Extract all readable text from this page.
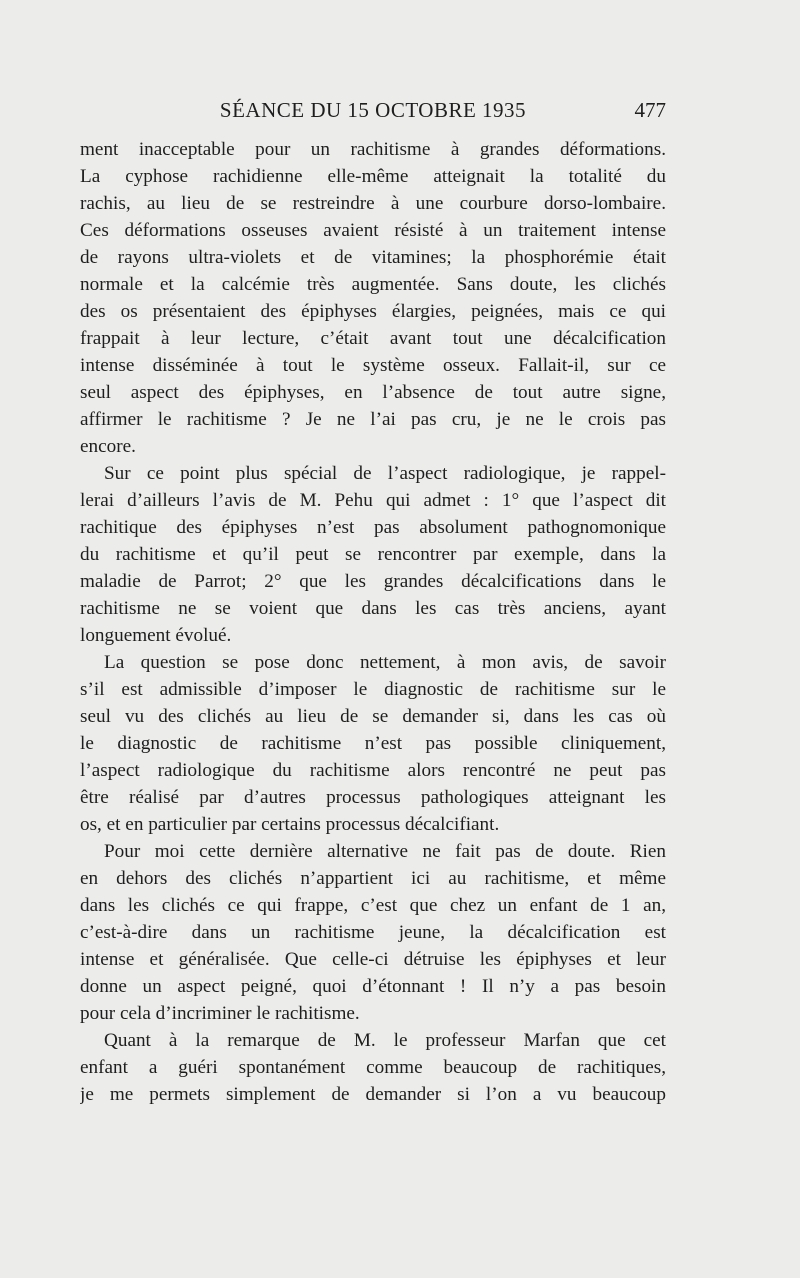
SÉANCE DU 15 OCTOBRE 1935	477
ment inacceptable pour un rachitisme à grandes déformations.
La cyphose rachidienne elle-même atteignait la totalité du
rachis, au lieu de se restreindre à une courbure dorso-lombaire.
Ces déformations osseuses avaient résisté à un traitement intense
de rayons ultra-violets et de vitamines; la phosphorémie était
normale et la calcémie très augmentée. Sans doute, les clichés
des os présentaient des épiphyses élargies, peignées, mais ce qui
frappait à leur lecture, c’était avant tout une décalcification
intense disséminée à tout le système osseux. Fallait-il, sur ce
seul aspect des épiphyses, en l’absence de tout autre signe,
affirmer le rachitisme ? Je ne l’ai pas cru, je ne le crois pas
encore.
Sur ce point plus spécial de l’aspect radiologique, je rappel-
lerai d’ailleurs l’avis de M. Pehu qui admet : 1° que l’aspect dit
rachitique des épiphyses n’est pas absolument pathognomonique
du rachitisme et qu’il peut se rencontrer par exemple, dans la
maladie de Parrot; 2° que les grandes décalcifications dans le
rachitisme ne se voient que dans les cas très anciens, ayant
longuement évolué.
La question se pose donc nettement, à mon avis, de savoir
s’il est admissible d’imposer le diagnostic de rachitisme sur le
seul vu des clichés au lieu de se demander si, dans les cas où
le diagnostic de rachitisme n’est pas possible cliniquement,
l’aspect radiologique du rachitisme alors rencontré ne peut pas
être réalisé par d’autres processus pathologiques atteignant les
os, et en particulier par certains processus décalcifiant.
Pour moi cette dernière alternative ne fait pas de doute. Rien
en dehors des clichés n’appartient ici au rachitisme, et même
dans les clichés ce qui frappe, c’est que chez un enfant de 1 an,
c’est-à-dire dans un rachitisme jeune, la décalcification est
intense et généralisée. Que celle-ci détruise les épiphyses et leur
donne un aspect peigné, quoi d’étonnant ! Il n’y a pas besoin
pour cela d’incriminer le rachitisme.
Quant à la remarque de M. le professeur Marfan que cet
enfant a guéri spontanément comme beaucoup de rachitiques,
je me permets simplement de demander si l’on a vu beaucoup
